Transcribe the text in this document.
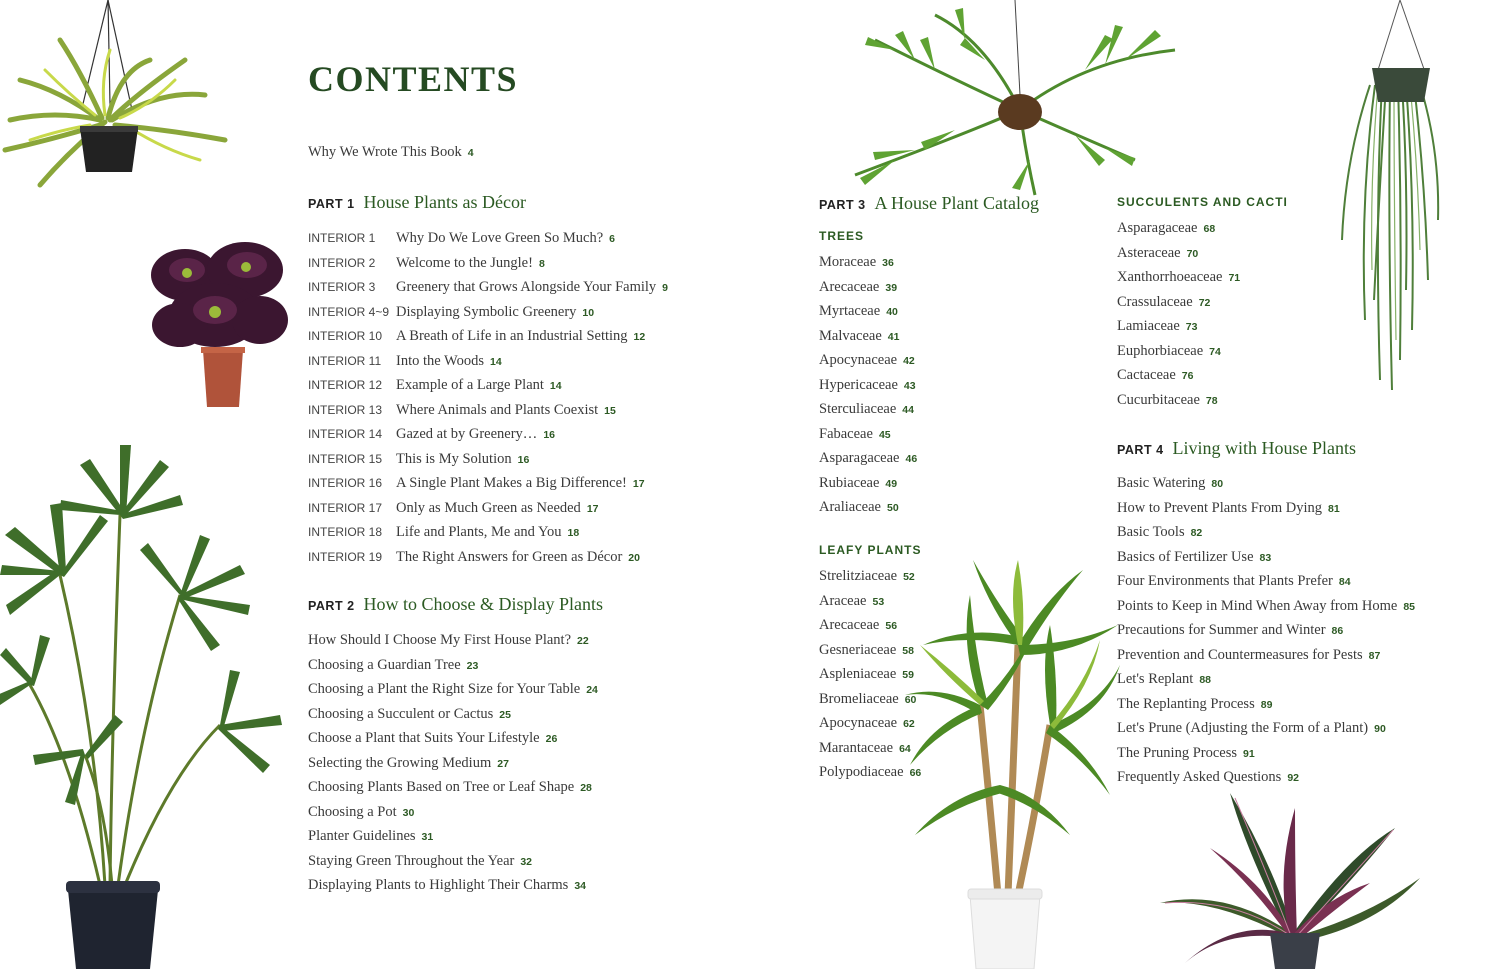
CONTENTS
Why We Wrote This Book 4
PART 1 House Plants as Décor
INTERIOR 1 Why Do We Love Green So Much? 6
INTERIOR 2 Welcome to the Jungle! 8
INTERIOR 3 Greenery that Grows Alongside Your Family 9
INTERIOR 4~9 Displaying Symbolic Greenery 10
INTERIOR 10 A Breath of Life in an Industrial Setting 12
INTERIOR 11 Into the Woods 14
INTERIOR 12 Example of a Large Plant 14
INTERIOR 13 Where Animals and Plants Coexist 15
INTERIOR 14 Gazed at by Greenery… 16
INTERIOR 15 This is My Solution 16
INTERIOR 16 A Single Plant Makes a Big Difference! 17
INTERIOR 17 Only as Much Green as Needed 17
INTERIOR 18 Life and Plants, Me and You 18
INTERIOR 19 The Right Answers for Green as Décor 20
PART 2 How to Choose & Display Plants
How Should I Choose My First House Plant? 22
Choosing a Guardian Tree 23
Choosing a Plant the Right Size for Your Table 24
Choosing a Succulent or Cactus 25
Choose a Plant that Suits Your Lifestyle 26
Selecting the Growing Medium 27
Choosing Plants Based on Tree or Leaf Shape 28
Choosing a Pot 30
Planter Guidelines 31
Staying Green Throughout the Year 32
Displaying Plants to Highlight Their Charms 34
PART 3 A House Plant Catalog
TREES
Moraceae 36
Arecaceae 39
Myrtaceae 40
Malvaceae 41
Apocynaceae 42
Hypericaceae 43
Sterculiaceae 44
Fabaceae 45
Asparagaceae 46
Rubiaceae 49
Araliaceae 50
LEAFY PLANTS
Strelitziaceae 52
Araceae 53
Arecaceae 56
Gesneriaceae 58
Aspleniaceae 59
Bromeliaceae 60
Apocynaceae 62
Marantaceae 64
Polypodiaceae 66
SUCCULENTS AND CACTI
Asparagaceae 68
Asteraceae 70
Xanthorrhoeaceae 71
Crassulaceae 72
Lamiaceae 73
Euphorbiaceae 74
Cactaceae 76
Cucurbitaceae 78
PART 4 Living with House Plants
Basic Watering 80
How to Prevent Plants From Dying 81
Basic Tools 82
Basics of Fertilizer Use 83
Four Environments that Plants Prefer 84
Points to Keep in Mind When Away from Home 85
Precautions for Summer and Winter 86
Prevention and Countermeasures for Pests 87
Let's Replant 88
The Replanting Process 89
Let's Prune (Adjusting the Form of a Plant) 90
The Pruning Process 91
Frequently Asked Questions 92
